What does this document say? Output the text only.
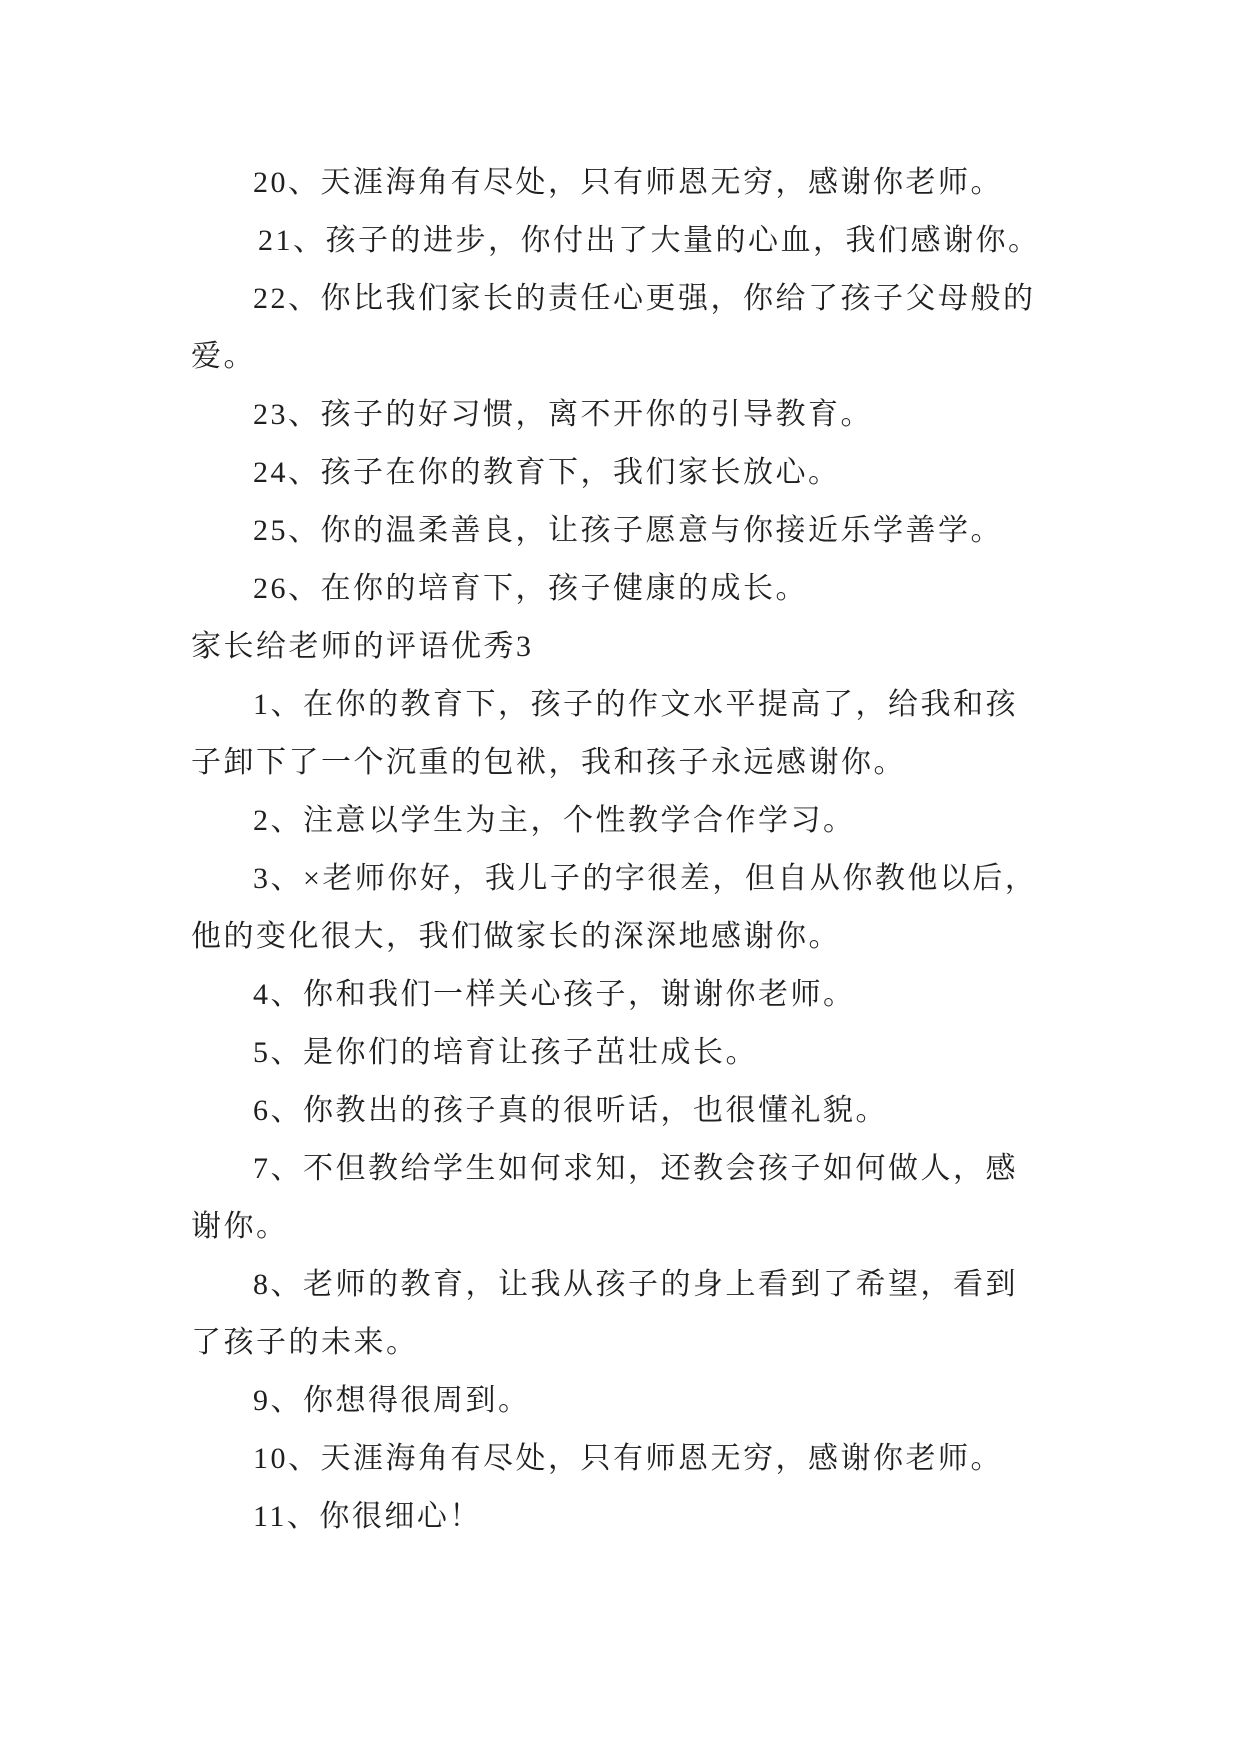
20、天涯海角有尽处，只有师恩无穷，感谢你老师。
21、孩子的进步，你付出了大量的心血，我们感谢你。
22、你比我们家长的责任心更强，你给了孩子父母般的
爱。
23、孩子的好习惯，离不开你的引导教育。
24、孩子在你的教育下，我们家长放心。
25、你的温柔善良，让孩子愿意与你接近乐学善学。
26、在你的培育下，孩子健康的成长。
家长给老师的评语优秀3
1、在你的教育下，孩子的作文水平提高了，给我和孩
子卸下了一个沉重的包袱，我和孩子永远感谢你。
2、注意以学生为主，个性教学合作学习。
3、×老师你好，我儿子的字很差，但自从你教他以后，
他的变化很大，我们做家长的深深地感谢你。
4、你和我们一样关心孩子，谢谢你老师。
5、是你们的培育让孩子茁壮成长。
6、你教出的孩子真的很听话，也很懂礼貌。
7、不但教给学生如何求知，还教会孩子如何做人，感
谢你。
8、老师的教育，让我从孩子的身上看到了希望，看到
了孩子的未来。
9、你想得很周到。
10、天涯海角有尽处，只有师恩无穷，感谢你老师。
11、你很细心！
